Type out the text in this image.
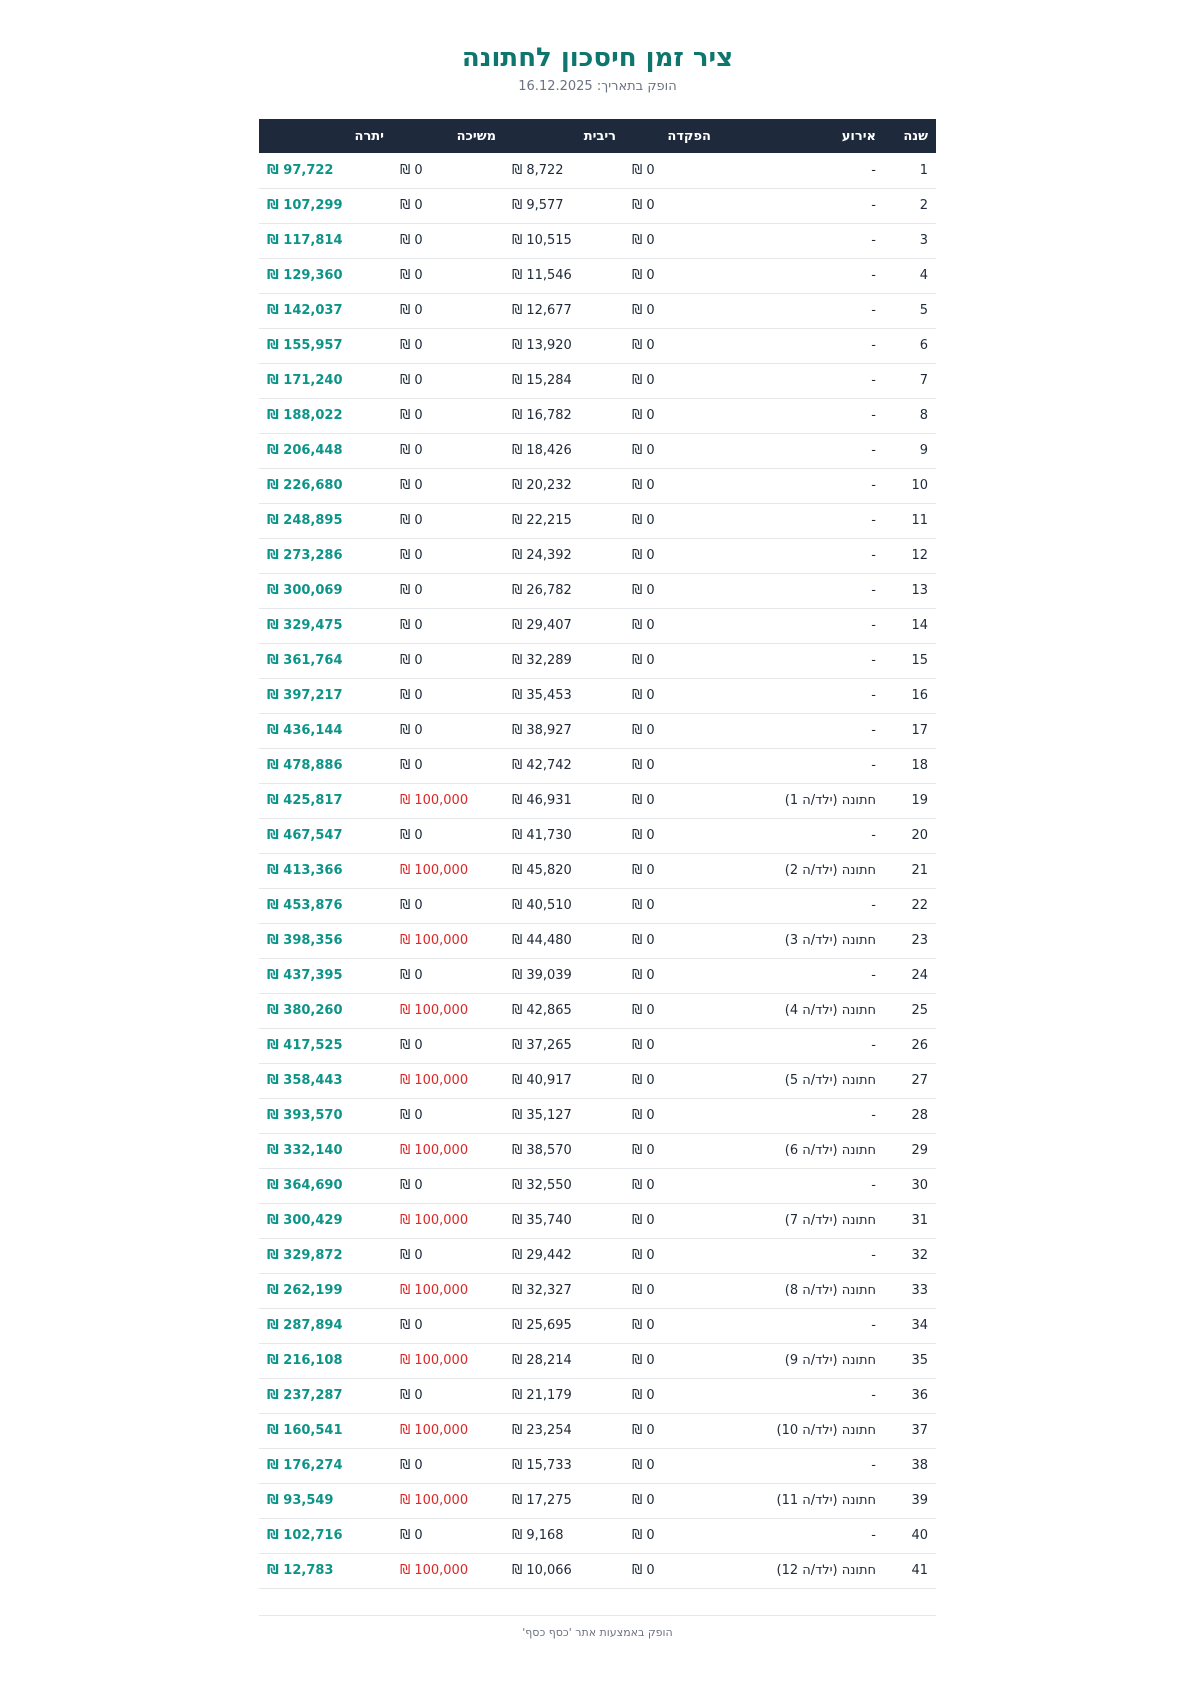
ציר זמן חיסכון לחתונה
הופק בתאריך: 16.12.2025
שנה	אירוע	הפקדה	ריבית	משיכה	יתרה
1	-	0 ₪	8,722 ₪	0 ₪	97,722 ₪
2	-	0 ₪	9,577 ₪	0 ₪	107,299 ₪
3	-	0 ₪	10,515 ₪	0 ₪	117,814 ₪
4	-	0 ₪	11,546 ₪	0 ₪	129,360 ₪
5	-	0 ₪	12,677 ₪	0 ₪	142,037 ₪
6	-	0 ₪	13,920 ₪	0 ₪	155,957 ₪
7	-	0 ₪	15,284 ₪	0 ₪	171,240 ₪
8	-	0 ₪	16,782 ₪	0 ₪	188,022 ₪
9	-	0 ₪	18,426 ₪	0 ₪	206,448 ₪
10	-	0 ₪	20,232 ₪	0 ₪	226,680 ₪
11	-	0 ₪	22,215 ₪	0 ₪	248,895 ₪
12	-	0 ₪	24,392 ₪	0 ₪	273,286 ₪
13	-	0 ₪	26,782 ₪	0 ₪	300,069 ₪
14	-	0 ₪	29,407 ₪	0 ₪	329,475 ₪
15	-	0 ₪	32,289 ₪	0 ₪	361,764 ₪
16	-	0 ₪	35,453 ₪	0 ₪	397,217 ₪
17	-	0 ₪	38,927 ₪	0 ₪	436,144 ₪
18	-	0 ₪	42,742 ₪	0 ₪	478,886 ₪
19	חתונה (ילד/ה 1)	0 ₪	46,931 ₪	100,000 ₪	425,817 ₪
20	-	0 ₪	41,730 ₪	0 ₪	467,547 ₪
21	חתונה (ילד/ה 2)	0 ₪	45,820 ₪	100,000 ₪	413,366 ₪
22	-	0 ₪	40,510 ₪	0 ₪	453,876 ₪
23	חתונה (ילד/ה 3)	0 ₪	44,480 ₪	100,000 ₪	398,356 ₪
24	-	0 ₪	39,039 ₪	0 ₪	437,395 ₪
25	חתונה (ילד/ה 4)	0 ₪	42,865 ₪	100,000 ₪	380,260 ₪
26	-	0 ₪	37,265 ₪	0 ₪	417,525 ₪
27	חתונה (ילד/ה 5)	0 ₪	40,917 ₪	100,000 ₪	358,443 ₪
28	-	0 ₪	35,127 ₪	0 ₪	393,570 ₪
29	חתונה (ילד/ה 6)	0 ₪	38,570 ₪	100,000 ₪	332,140 ₪
30	-	0 ₪	32,550 ₪	0 ₪	364,690 ₪
31	חתונה (ילד/ה 7)	0 ₪	35,740 ₪	100,000 ₪	300,429 ₪
32	-	0 ₪	29,442 ₪	0 ₪	329,872 ₪
33	חתונה (ילד/ה 8)	0 ₪	32,327 ₪	100,000 ₪	262,199 ₪
34	-	0 ₪	25,695 ₪	0 ₪	287,894 ₪
35	חתונה (ילד/ה 9)	0 ₪	28,214 ₪	100,000 ₪	216,108 ₪
36	-	0 ₪	21,179 ₪	0 ₪	237,287 ₪
37	חתונה (ילד/ה 10)	0 ₪	23,254 ₪	100,000 ₪	160,541 ₪
38	-	0 ₪	15,733 ₪	0 ₪	176,274 ₪
39	חתונה (ילד/ה 11)	0 ₪	17,275 ₪	100,000 ₪	93,549 ₪
40	-	0 ₪	9,168 ₪	0 ₪	102,716 ₪
41	חתונה (ילד/ה 12)	0 ₪	10,066 ₪	100,000 ₪	12,783 ₪
הופק באמצעות אתר 'כסף כסף'
